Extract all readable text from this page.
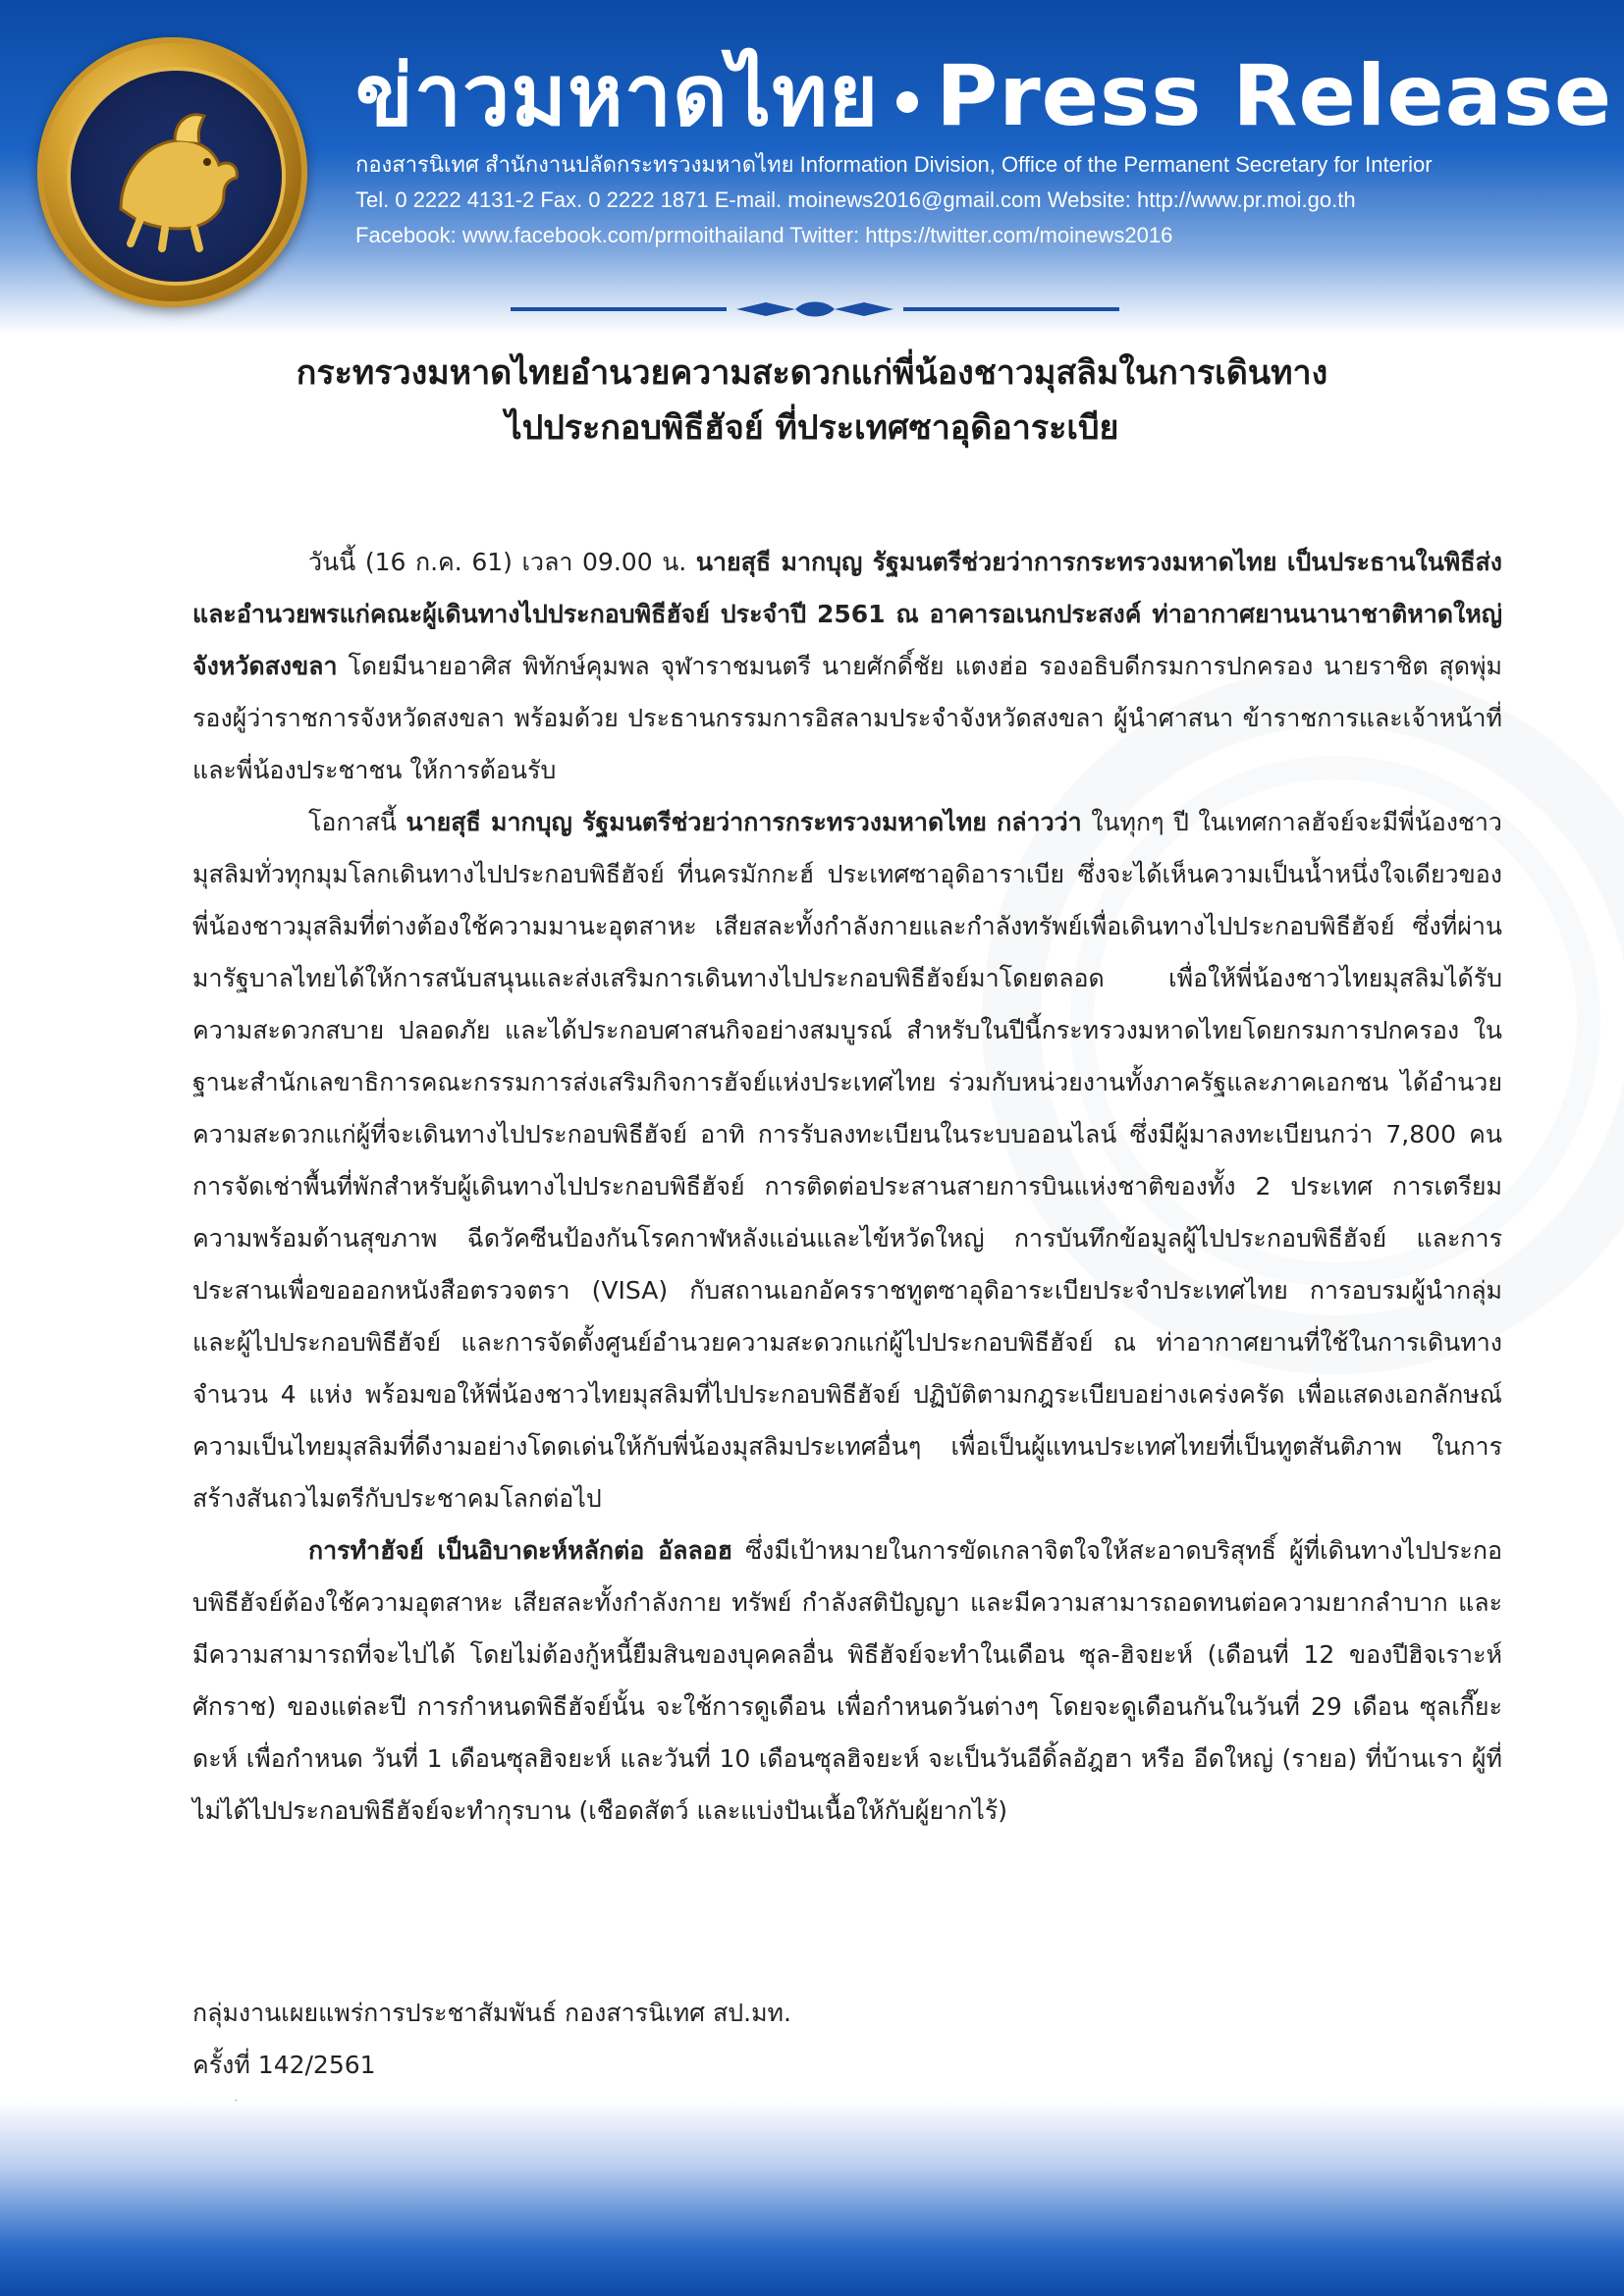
ข่าวมหาดไทย Press Release
กองสารนิเทศ สำนักงานปลัดกระทรวงมหาดไทย Information Division, Office of the Permanent Secretary for Interior
Tel. 0 2222 4131-2 Fax. 0 2222 1871 E-mail. moinews2016@gmail.com Website: http://www.pr.moi.go.th
Facebook: www.facebook.com/prmoithailand Twitter: https://twitter.com/moinews2016
กระทรวงมหาดไทยอำนวยความสะดวกแก่พี่น้องชาวมุสลิมในการเดินทาง
ไปประกอบพิธีฮัจย์ ที่ประเทศซาอุดิอาระเบีย

วันนี้ (16 ก.ค. 61) เวลา 09.00 น. นายสุธี มากบุญ รัฐมนตรีช่วยว่าการกระทรวงมหาดไทย เป็นประธานในพิธีส่งและอำนวยพรแก่คณะผู้เดินทางไปประกอบพิธีฮัจย์ ประจำปี 2561 ณ อาคารอเนกประสงค์ ท่าอากาศยานนานาชาติหาดใหญ่ จังหวัดสงขลา โดยมีนายอาศิส พิทักษ์คุมพล จุฬาราชมนตรี นายศักดิ์ชัย แตงฮ่อ รองอธิบดีกรมการปกครอง นายราชิต สุดพุ่ม รองผู้ว่าราชการจังหวัดสงขลา พร้อมด้วย ประธานกรรมการอิสลามประจำจังหวัดสงขลา ผู้นำศาสนา ข้าราชการและเจ้าหน้าที่ และพี่น้องประชาชน ให้การต้อนรับ

โอกาสนี้ นายสุธี มากบุญ รัฐมนตรีช่วยว่าการกระทรวงมหาดไทย กล่าวว่า ในทุกๆ ปี ในเทศกาลฮัจย์จะมีพี่น้องชาวมุสลิมทั่วทุกมุมโลกเดินทางไปประกอบพิธีฮัจย์ ที่นครมักกะฮ์ ประเทศซาอุดิอาราเบีย ซึ่งจะได้เห็นความเป็นน้ำหนึ่งใจเดียวของพี่น้องชาวมุสลิมที่ต่างต้องใช้ความมานะอุตสาหะ เสียสละทั้งกำลังกายและกำลังทรัพย์เพื่อเดินทางไปประกอบพิธีฮัจย์ ซึ่งที่ผ่านมารัฐบาลไทยได้ให้การสนับสนุนและส่งเสริมการเดินทางไปประกอบพิธีฮัจย์มาโดยตลอด เพื่อให้พี่น้องชาวไทยมุสลิมได้รับความสะดวกสบาย ปลอดภัย และได้ประกอบศาสนกิจอย่างสมบูรณ์ สำหรับในปีนี้กระทรวงมหาดไทยโดยกรมการปกครอง ในฐานะสำนักเลขาธิการคณะกรรมการส่งเสริมกิจการฮัจย์แห่งประเทศไทย ร่วมกับหน่วยงานทั้งภาครัฐและภาคเอกชน ได้อำนวยความสะดวกแก่ผู้ที่จะเดินทางไปประกอบพิธีฮัจย์ อาทิ การรับลงทะเบียนในระบบออนไลน์ ซึ่งมีผู้มาลงทะเบียนกว่า 7,800 คน การจัดเช่าพื้นที่พักสำหรับผู้เดินทางไปประกอบพิธีฮัจย์ การติดต่อประสานสายการบินแห่งชาติของทั้ง 2 ประเทศ การเตรียมความพร้อมด้านสุขภาพ ฉีดวัคซีนป้องกันโรคกาฬหลังแอ่นและไข้หวัดใหญ่ การบันทึกข้อมูลผู้ไปประกอบพิธีฮัจย์ และการประสานเพื่อขอออกหนังสือตรวจตรา (VISA) กับสถานเอกอัครราชทูตซาอุดิอาระเบียประจำประเทศไทย การอบรมผู้นำกลุ่มและผู้ไปประกอบพิธีฮัจย์ และการจัดตั้งศูนย์อำนวยความสะดวกแก่ผู้ไปประกอบพิธีฮัจย์ ณ ท่าอากาศยานที่ใช้ในการเดินทางจำนวน 4 แห่ง พร้อมขอให้พี่น้องชาวไทยมุสลิมที่ไปประกอบพิธีฮัจย์ ปฏิบัติตามกฎระเบียบอย่างเคร่งครัด เพื่อแสดงเอกลักษณ์ความเป็นไทยมุสลิมที่ดีงามอย่างโดดเด่นให้กับพี่น้องมุสลิมประเทศอื่นๆ เพื่อเป็นผู้แทนประเทศไทยที่เป็นทูตสันติภาพ ในการสร้างสันถวไมตรีกับประชาคมโลกต่อไป

การทำฮัจย์ เป็นอิบาดะห์หลักต่อ อัลลอฮ ซึ่งมีเป้าหมายในการขัดเกลาจิตใจให้สะอาดบริสุทธิ์ ผู้ที่เดินทางไปประกอบพิธีฮัจย์ต้องใช้ความอุตสาหะ เสียสละทั้งกำลังกาย ทรัพย์ กำลังสติปัญญา และมีความสามารถอดทนต่อความยากลำบาก และมีความสามารถที่จะไปได้ โดยไม่ต้องกู้หนี้ยืมสินของบุคคลอื่น พิธีฮัจย์จะทำในเดือน ซุล-ฮิจยะห์ (เดือนที่ 12 ของปีฮิจเราะห์ศักราช) ของแต่ละปี การกำหนดพิธีฮัจย์นั้น จะใช้การดูเดือน เพื่อกำหนดวันต่างๆ โดยจะดูเดือนกันในวันที่ 29 เดือน ซุลเกี๊ยะดะห์ เพื่อกำหนด วันที่ 1 เดือนซุลฮิจยะห์ และวันที่ 10 เดือนซุลฮิจยะห์ จะเป็นวันอีดิ้ลอัฎฮา หรือ อีดใหญ่ (รายอ) ที่บ้านเรา ผู้ที่ไม่ได้ไปประกอบพิธีฮัจย์จะทำกุรบาน (เชือดสัตว์ และแบ่งปันเนื้อให้กับผู้ยากไร้)

กลุ่มงานเผยแพร่การประชาสัมพันธ์ กองสารนิเทศ สป.มท.
ครั้งที่ 142/2561
